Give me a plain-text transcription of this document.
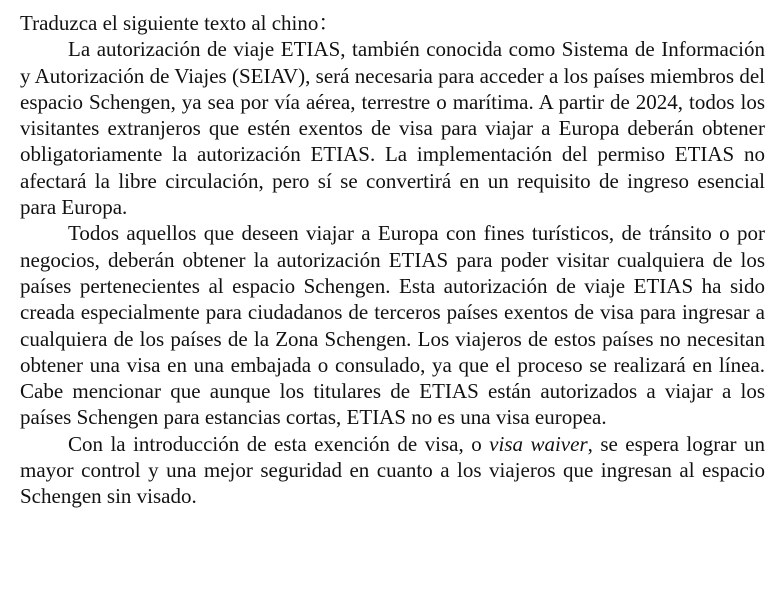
Traduzca el siguiente texto al chino：

La autorización de viaje ETIAS, también conocida como Sistema de Información y Autorización de Viajes (SEIAV), será necesaria para acceder a los países miembros del espacio Schengen, ya sea por vía aérea, terrestre o marítima. A partir de 2024, todos los visitantes extranjeros que estén exentos de visa para viajar a Europa deberán obtener obligatoriamente la autorización ETIAS. La implementación del permiso ETIAS no afectará la libre circulación, pero sí se convertirá en un requisito de ingreso esencial para Europa.

Todos aquellos que deseen viajar a Europa con fines turísticos, de tránsito o por negocios, deberán obtener la autorización ETIAS para poder visitar cualquiera de los países pertenecientes al espacio Schengen. Esta autorización de viaje ETIAS ha sido creada especialmente para ciudadanos de terceros países exentos de visa para ingresar a cualquiera de los países de la Zona Schengen. Los viajeros de estos países no necesitan obtener una visa en una embajada o consulado, ya que el proceso se realizará en línea. Cabe mencionar que aunque los titulares de ETIAS están autorizados a viajar a los países Schengen para estancias cortas, ETIAS no es una visa europea.

Con la introducción de esta exención de visa, o visa waiver, se espera lograr un mayor control y una mejor seguridad en cuanto a los viajeros que ingresan al espacio Schengen sin visado.
